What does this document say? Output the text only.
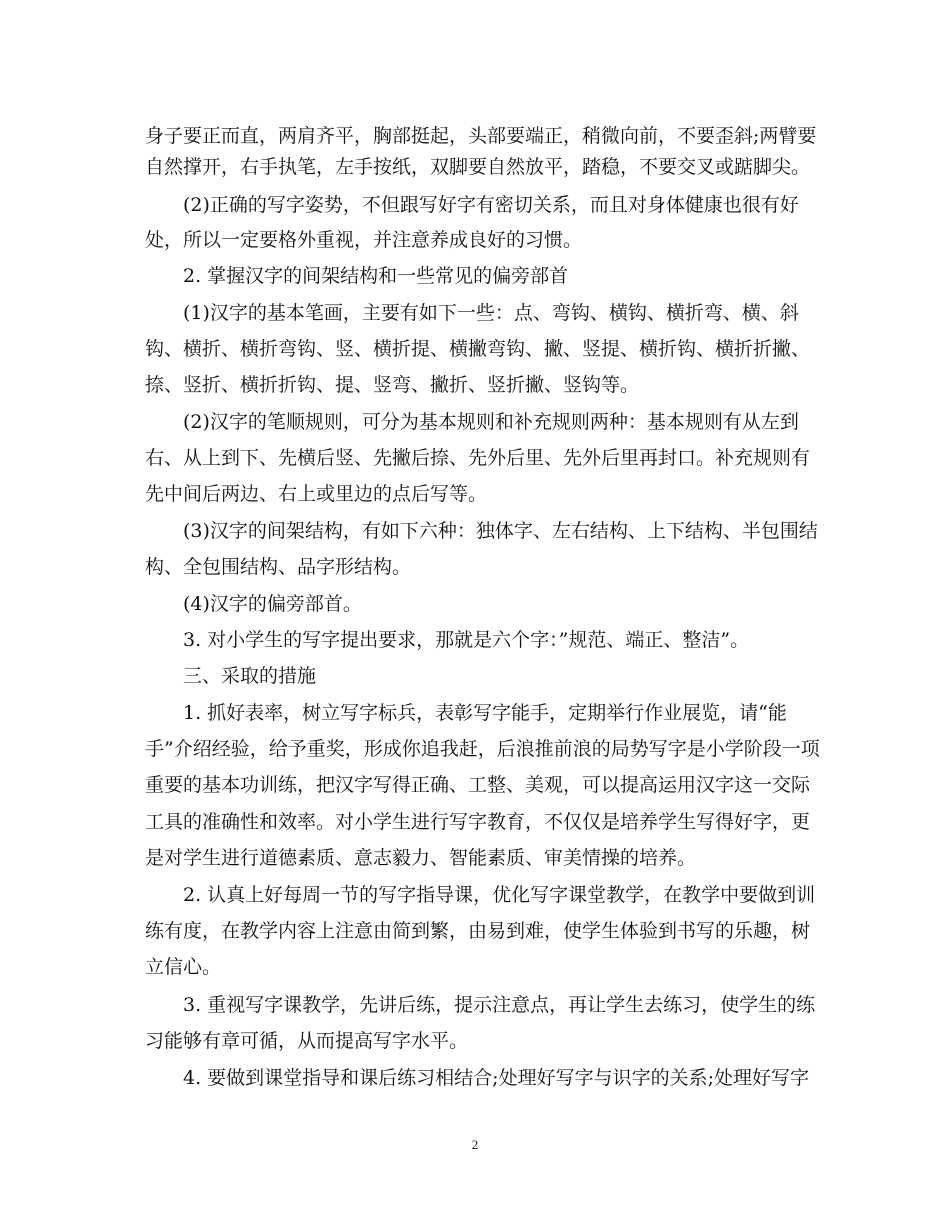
身子要正而直，两肩齐平，胸部挺起，头部要端正，稍微向前，不要歪斜;两臂要
自然撑开，右手执笔，左手按纸，双脚要自然放平，踏稳，不要交叉或踮脚尖。
(2)正确的写字姿势，不但跟写好字有密切关系，而且对身体健康也很有好
处，所以一定要格外重视，并注意养成良好的习惯。
2. 掌握汉字的间架结构和一些常见的偏旁部首
(1)汉字的基本笔画，主要有如下一些：点、弯钩、横钩、横折弯、横、斜
钩、横折、横折弯钩、竖、横折提、横撇弯钩、撇、竖提、横折钩、横折折撇、
捺、竖折、横折折钩、提、竖弯、撇折、竖折撇、竖钩等。
(2)汉字的笔顺规则，可分为基本规则和补充规则两种：基本规则有从左到
右、从上到下、先横后竖、先撇后捺、先外后里、先外后里再封口。补充规则有
先中间后两边、右上或里边的点后写等。
(3)汉字的间架结构，有如下六种：独体字、左右结构、上下结构、半包围结
构、全包围结构、品字形结构。
(4)汉字的偏旁部首。
3. 对小学生的写字提出要求，那就是六个字：”规范、端正、整洁”。
三、采取的措施
1. 抓好表率，树立写字标兵，表彰写字能手，定期举行作业展览，请“能
手”介绍经验，给予重奖，形成你追我赶，后浪推前浪的局势写字是小学阶段一项
重要的基本功训练，把汉字写得正确、工整、美观，可以提高运用汉字这一交际
工具的准确性和效率。对小学生进行写字教育，不仅仅是培养学生写得好字，更
是对学生进行道德素质、意志毅力、智能素质、审美情操的培养。
2. 认真上好每周一节的写字指导课，优化写字课堂教学，在教学中要做到训
练有度，在教学内容上注意由简到繁，由易到难，使学生体验到书写的乐趣，树
立信心。
3. 重视写字课教学，先讲后练，提示注意点，再让学生去练习，使学生的练
习能够有章可循，从而提高写字水平。
4. 要做到课堂指导和课后练习相结合;处理好写字与识字的关系;处理好写字
2
